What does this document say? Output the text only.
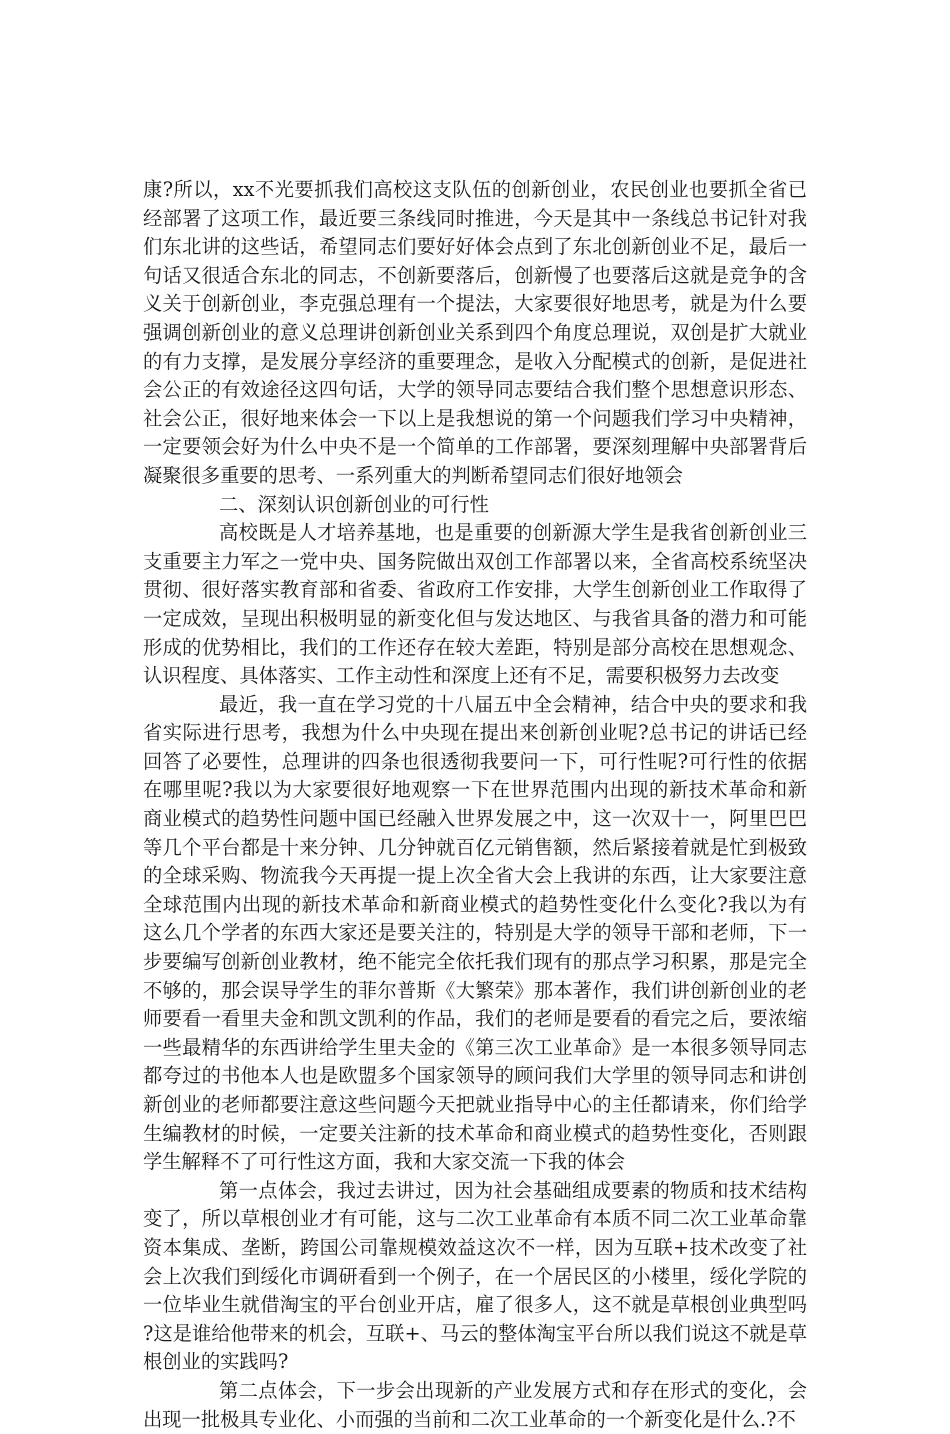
康?所以，xx不光要抓我们高校这支队伍的创新创业，农民创业也要抓全省已经部署了这项工作，最近要三条线同时推进，今天是其中一条线总书记针对我们东北讲的这些话，希望同志们要好好体会点到了东北创新创业不足，最后一句话又很适合东北的同志，不创新要落后，创新慢了也要落后这就是竞争的含义关于创新创业，李克强总理有一个提法，大家要很好地思考，就是为什么要强调创新创业的意义总理讲创新创业关系到四个角度总理说，双创是扩大就业的有力支撑，是发展分享经济的重要理念，是收入分配模式的创新，是促进社会公正的有效途径这四句话，大学的领导同志要结合我们整个思想意识形态、社会公正，很好地来体会一下以上是我想说的第一个问题我们学习中央精神，一定要领会好为什么中央不是一个简单的工作部署，要深刻理解中央部署背后凝聚很多重要的思考、一系列重大的判断希望同志们很好地领会

二、深刻认识创新创业的可行性

高校既是人才培养基地，也是重要的创新源大学生是我省创新创业三支重要主力军之一党中央、国务院做出双创工作部署以来，全省高校系统坚决贯彻、很好落实教育部和省委、省政府工作安排，大学生创新创业工作取得了一定成效，呈现出积极明显的新变化但与发达地区、与我省具备的潜力和可能形成的优势相比，我们的工作还存在较大差距，特别是部分高校在思想观念、认识程度、具体落实、工作主动性和深度上还有不足，需要积极努力去改变

最近，我一直在学习党的十八届五中全会精神，结合中央的要求和我省实际进行思考，我想为什么中央现在提出来创新创业呢?总书记的讲话已经回答了必要性，总理讲的四条也很透彻我要问一下，可行性呢?可行性的依据在哪里呢?我以为大家要很好地观察一下在世界范围内出现的新技术革命和新商业模式的趋势性问题中国已经融入世界发展之中，这一次双十一，阿里巴巴等几个平台都是十来分钟、几分钟就百亿元销售额，然后紧接着就是忙到极致的全球采购、物流我今天再提一提上次全省大会上我讲的东西，让大家要注意全球范围内出现的新技术革命和新商业模式的趋势性变化什么变化?我以为有这么几个学者的东西大家还是要关注的，特别是大学的领导干部和老师，下一步要编写创新创业教材，绝不能完全依托我们现有的那点学习积累，那是完全不够的，那会误导学生的菲尔普斯《大繁荣》那本著作，我们讲创新创业的老师要看一看里夫金和凯文凯利的作品，我们的老师是要看的看完之后，要浓缩一些最精华的东西讲给学生里夫金的《第三次工业革命》是一本很多领导同志都夸过的书他本人也是欧盟多个国家领导的顾问我们大学里的领导同志和讲创新创业的老师都要注意这些问题今天把就业指导中心的主任都请来，你们给学生编教材的时候，一定要关注新的技术革命和商业模式的趋势性变化，否则跟学生解释不了可行性这方面，我和大家交流一下我的体会

第一点体会，我过去讲过，因为社会基础组成要素的物质和技术结构变了，所以草根创业才有可能，这与二次工业革命有本质不同二次工业革命靠资本集成、垄断，跨国公司靠规模效益这次不一样，因为互联+技术改变了社会上次我们到绥化市调研看到一个例子，在一个居民区的小楼里，绥化学院的一位毕业生就借淘宝的平台创业开店，雇了很多人，这不就是草根创业典型吗?这是谁给他带来的机会，互联+、马云的整体淘宝平台所以我们说这不就是草根创业的实践吗?

第二点体会，下一步会出现新的产业发展方式和存在形式的变化，会出现一批极具专业化、小而强的当前和二次工业革命的一个新变化是什么.?不
